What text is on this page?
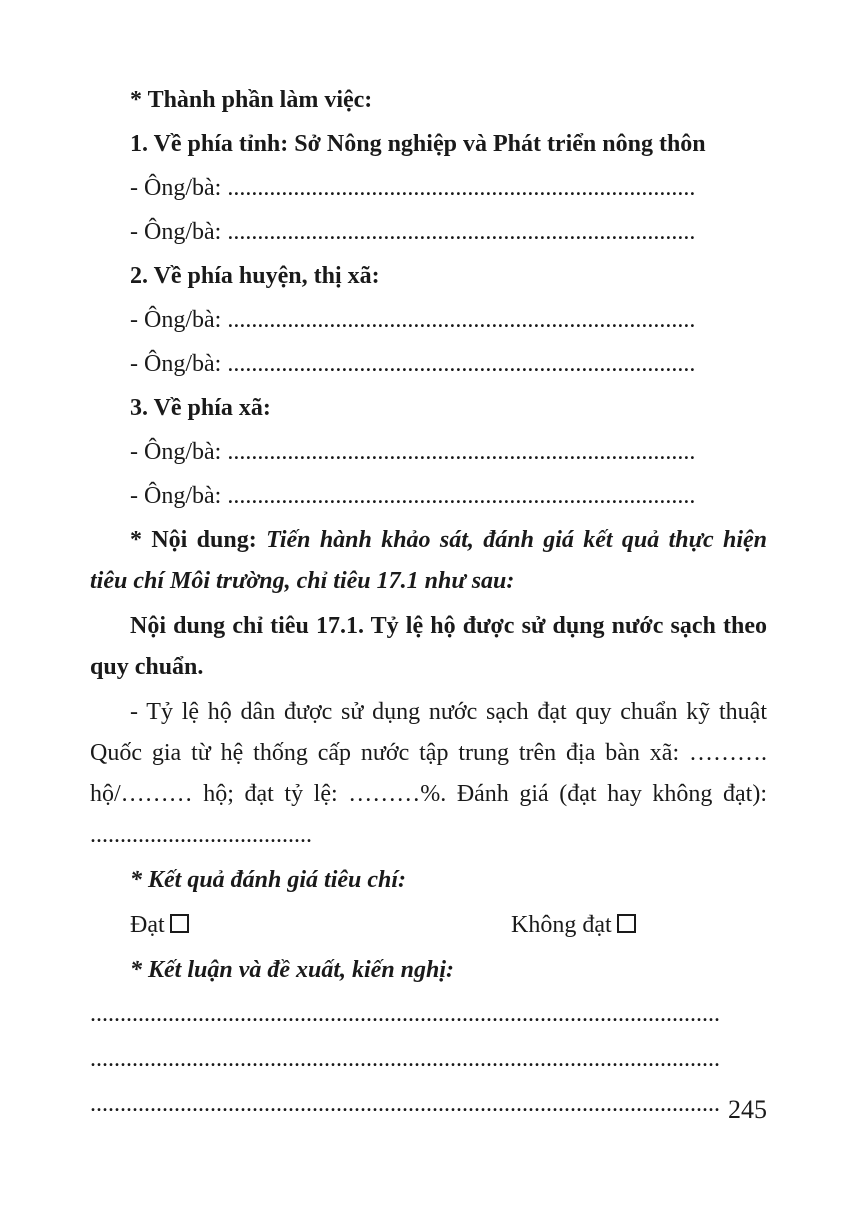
* Thành phần làm việc:
1. Về phía tỉnh: Sở Nông nghiệp và Phát triển nông thôn
- Ông/bà: ..............................................................................
- Ông/bà: ..............................................................................
2. Về phía huyện, thị xã:
- Ông/bà: ..............................................................................
- Ông/bà: ..............................................................................
3. Về phía xã:
- Ông/bà: ..............................................................................
- Ông/bà: ..............................................................................
* Nội dung: Tiến hành khảo sát, đánh giá kết quả thực hiện tiêu chí Môi trường, chỉ tiêu 17.1 như sau:
Nội dung chỉ tiêu 17.1. Tỷ lệ hộ được sử dụng nước sạch theo quy chuẩn.
- Tỷ lệ hộ dân được sử dụng nước sạch đạt quy chuẩn kỹ thuật Quốc gia từ hệ thống cấp nước tập trung trên địa bàn xã: ………. hộ/……… hộ; đạt tỷ lệ: ………%. Đánh giá (đạt hay không đạt): .....................................
* Kết quả đánh giá tiêu chí:
Đạt	Không đạt
* Kết luận và đề xuất, kiến nghị:
.........................................................................................................
.........................................................................................................
......................................................................................................... 245
